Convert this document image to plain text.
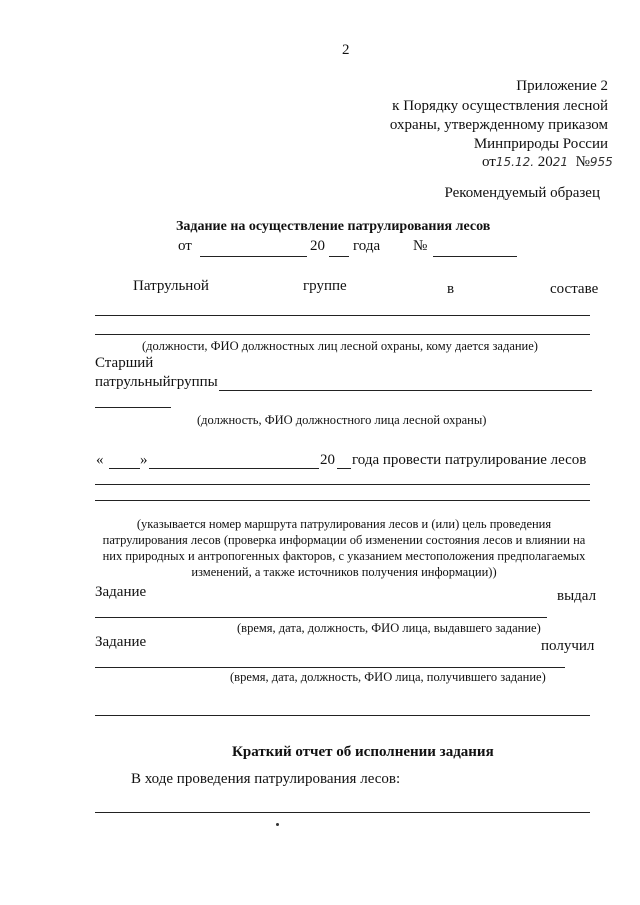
2
Приложение 2
к Порядку осуществления лесной
охраны, утвержденному приказом
Минприроды России
от15.12. 2021 №955
Рекомендуемый образец
Задание на осуществление патрулирования лесов
от	20 года №
Патрульной	группе	в	составе
(должности, ФИО должностных лиц лесной охраны, кому дается задание)
Старший
патрульныйгруппы
(должность, ФИО должностного лица лесной охраны)
« »	20 года провести патрулирование лесов
(указывается номер маршрута патрулирования лесов и (или) цель проведения
патрулирования лесов (проверка информации об изменении состояния лесов и влиянии на
них природных и антропогенных факторов, с указанием местоположения предполагаемых
изменений, а также источников получения информации))
Задание	выдал
(время, дата, должность, ФИО лица, выдавшего задание)
Задание	получил
(время, дата, должность, ФИО лица, получившего задание)
Краткий отчет об исполнении задания
В ходе проведения патрулирования лесов:
